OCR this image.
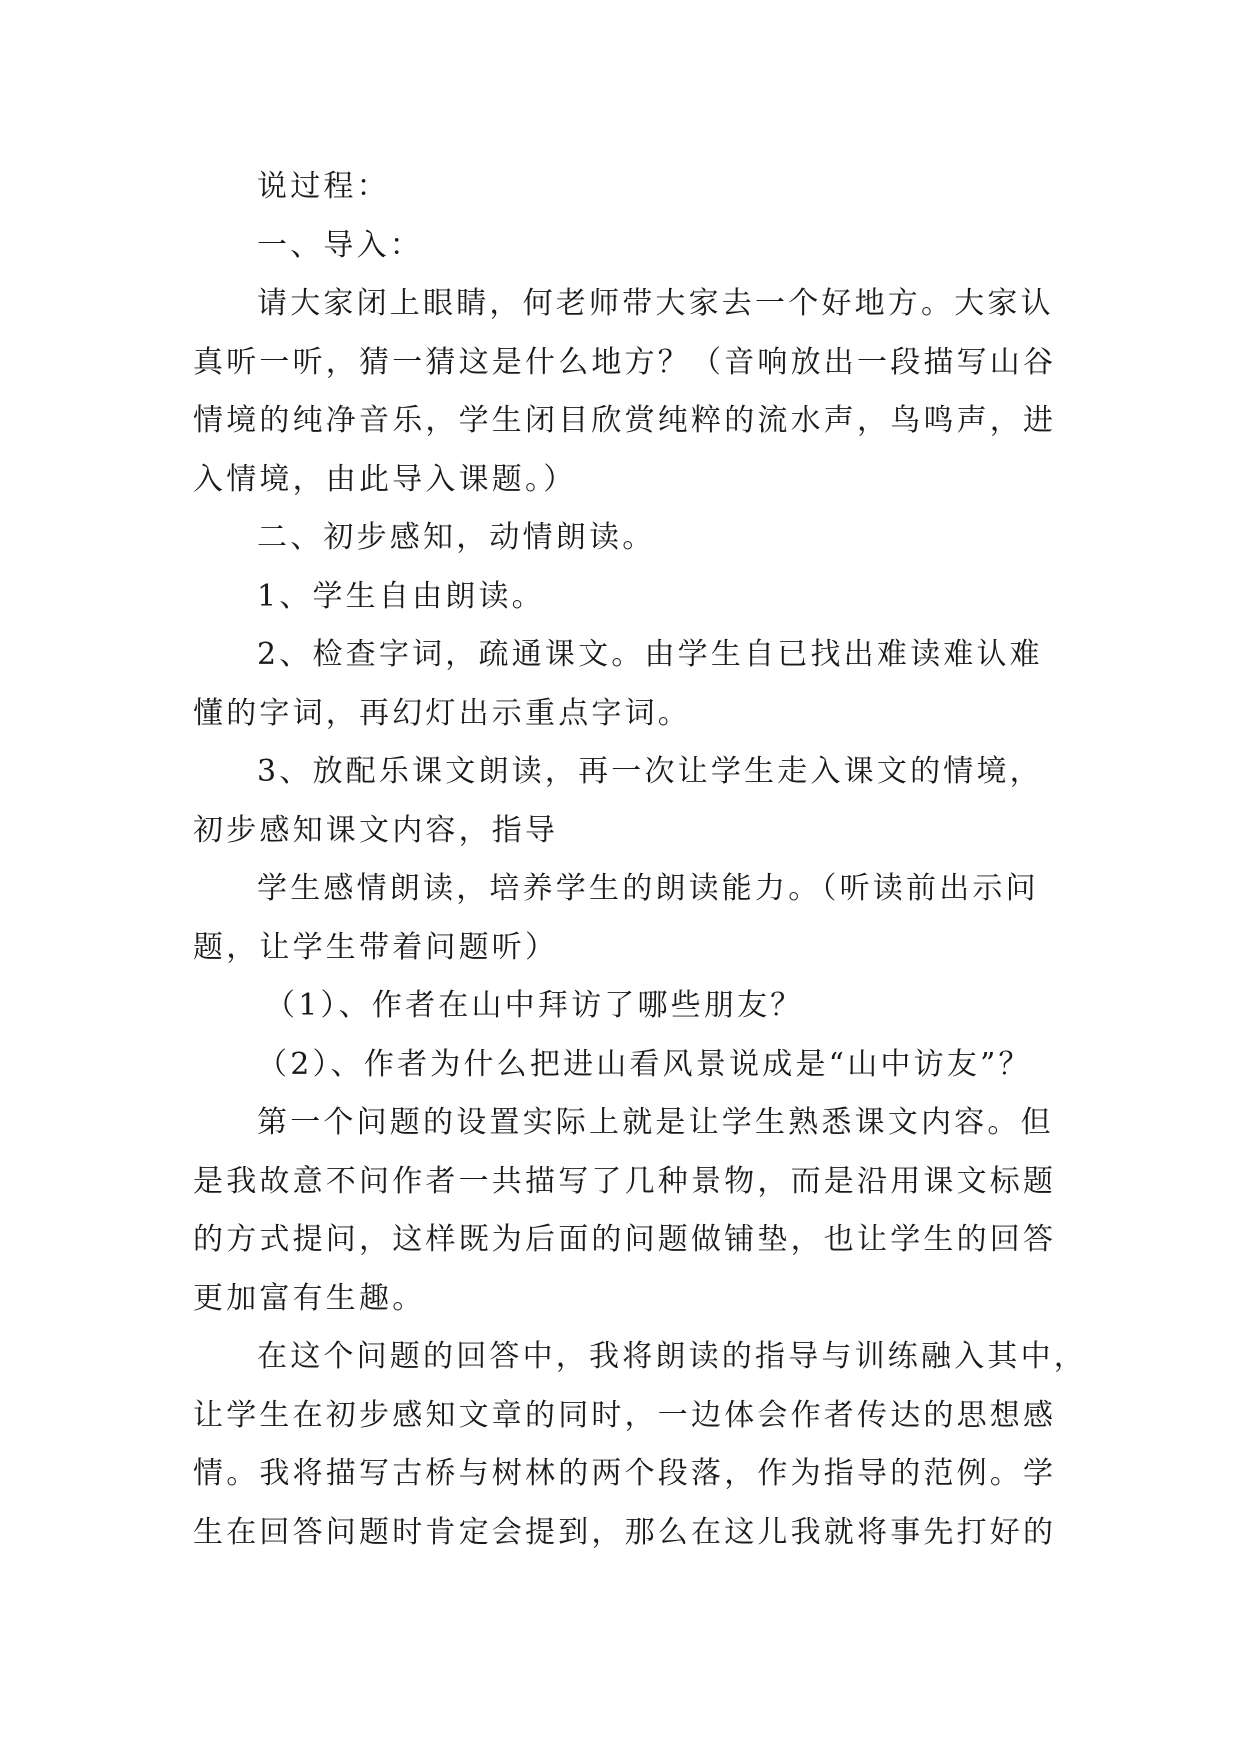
说过程：
一、导入：
请大家闭上眼睛，何老师带大家去一个好地方。大家认
真听一听，猜一猜这是什么地方？（音响放出一段描写山谷
情境的纯净音乐，学生闭目欣赏纯粹的流水声，鸟鸣声，进
入情境，由此导入课题。）
二、初步感知，动情朗读。
1、学生自由朗读。
2、检查字词，疏通课文。由学生自已找出难读难认难
懂的字词，再幻灯出示重点字词。
3、放配乐课文朗读，再一次让学生走入课文的情境，
初步感知课文内容，指导
学生感情朗读，培养学生的朗读能力。（听读前出示问
题，让学生带着问题听）
（1）、作者在山中拜访了哪些朋友？
（2）、作者为什么把进山看风景说成是“山中访友”？
第一个问题的设置实际上就是让学生熟悉课文内容。但
是我故意不问作者一共描写了几种景物，而是沿用课文标题
的方式提问，这样既为后面的问题做铺垫，也让学生的回答
更加富有生趣。
在这个问题的回答中，我将朗读的指导与训练融入其中，
让学生在初步感知文章的同时，一边体会作者传达的思想感
情。我将描写古桥与树林的两个段落，作为指导的范例。学
生在回答问题时肯定会提到，那么在这儿我就将事先打好的
